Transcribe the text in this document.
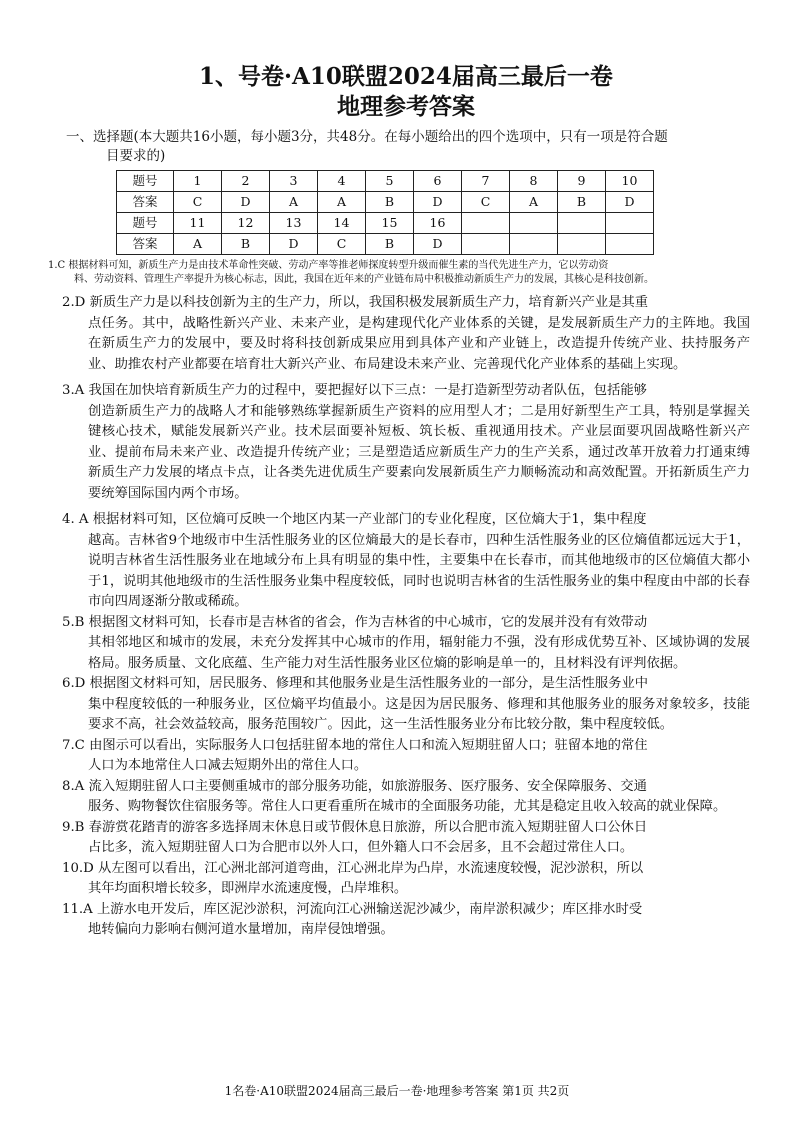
1、号卷·A10联盟2024届高三最后一卷

地理参考答案

一、选择题(本大题共16小题，每小题3分，共48分。在每小题给出的四个选项中，只有一项是符合题
目要求的)

题号	1	2	3	4	5	6	7	8	9	10
答案	C	D	A	A	B	D	C	A	B	D
题号	11	12	13	14	15	16				
答案	A	B	D	C	B	D				

1.C 根据材料可知，新质生产力是由技术革命性突破、劳动产率等推老师探度转型升级而催生素的当代先进生产力，它以劳动资
料、劳动资料、管理生产率提升为核心标志，因此，我国在近年来的产业链布局中积极推动新质生产力的发展，其核心是科技创新。

2.D 新质生产力是以科技创新为主的生产力，所以，我国积极发展新质生产力，培育新兴产业是其重
点任务。其中，战略性新兴产业、未来产业，是构建现代化产业体系的关键，是发展新质生产力的主阵地。我国在新质生产力的发展中，要及时将科技创新成果应用到具体产业和产业链上，改造提升传统产业、扶持服务产业、助推农村产业都要在培育壮大新兴产业、布局建设未来产业、完善现代化产业体系的基础上实现。

3.A 我国在加快培育新质生产力的过程中，要把握好以下三点：一是打造新型劳动者队伍，包括能够
创造新质生产力的战略人才和能够熟练掌握新质生产资料的应用型人才；二是用好新型生产工具，特别是掌握关键核心技术，赋能发展新兴产业。技术层面要补短板、筑长板、重视通用技术。产业层面要巩固战略性新兴产业、提前布局未来产业、改造提升传统产业；三是塑造适应新质生产力的生产关系，通过改革开放着力打通束缚新质生产力发展的堵点卡点，让各类先进优质生产要素向发展新质生产力顺畅流动和高效配置。开拓新质生产力要统筹国际国内两个市场。

4. A 根据材料可知，区位熵可反映一个地区内某一产业部门的专业化程度，区位熵大于1，集中程度
越高。吉林省9个地级市中生活性服务业的区位熵最大的是长春市，四种生活性服务业的区位熵值都远远大于1，说明吉林省生活性服务业在地域分布上具有明显的集中性，主要集中在长春市，而其他地级市的区位熵值大都小于1，说明其他地级市的生活性服务业集中程度较低，同时也说明吉林省的生活性服务业的集中程度由中部的长春市向四周逐渐分散或稀疏。

5.B 根据图文材料可知，长春市是吉林省的省会，作为吉林省的中心城市，它的发展并没有有效带动
其相邻地区和城市的发展，未充分发挥其中心城市的作用，辐射能力不强，没有形成优势互补、区域协调的发展格局。服务质量、文化底蕴、生产能力对生活性服务业区位熵的影响是单一的，且材料没有评判依据。

6.D 根据图文材料可知，居民服务、修理和其他服务业是生活性服务业的一部分，是生活性服务业中
集中程度较低的一种服务业，区位熵平均值最小。这是因为居民服务、修理和其他服务业的服务对象较多，技能要求不高，社会效益较高，服务范围较广。因此，这一生活性服务业分布比较分散，集中程度较低。

7.C 由图示可以看出，实际服务人口包括驻留本地的常住人口和流入短期驻留人口；驻留本地的常住
人口为本地常住人口减去短期外出的常住人口。

8.A 流入短期驻留人口主要侧重城市的部分服务功能，如旅游服务、医疗服务、安全保障服务、交通
服务、购物餐饮住宿服务等。常住人口更看重所在城市的全面服务功能，尤其是稳定且收入较高的就业保障。

9.B 春游赏花踏青的游客多选择周末休息日或节假休息日旅游，所以合肥市流入短期驻留人口公休日
占比多，流入短期驻留人口为合肥市以外人口，但外籍人口不会居多，且不会超过常住人口。

10.D 从左图可以看出，江心洲北部河道弯曲，江心洲北岸为凸岸，水流速度较慢，泥沙淤积，所以
其年均面积增长较多，即洲岸水流速度慢，凸岸堆积。

11.A 上游水电开发后，库区泥沙淤积，河流向江心洲输送泥沙减少，南岸淤积减少；库区排水时受
地转偏向力影响右侧河道水量增加，南岸侵蚀增强。

1名卷·A10联盟2024届高三最后一卷·地理参考答案 第1页 共2页
